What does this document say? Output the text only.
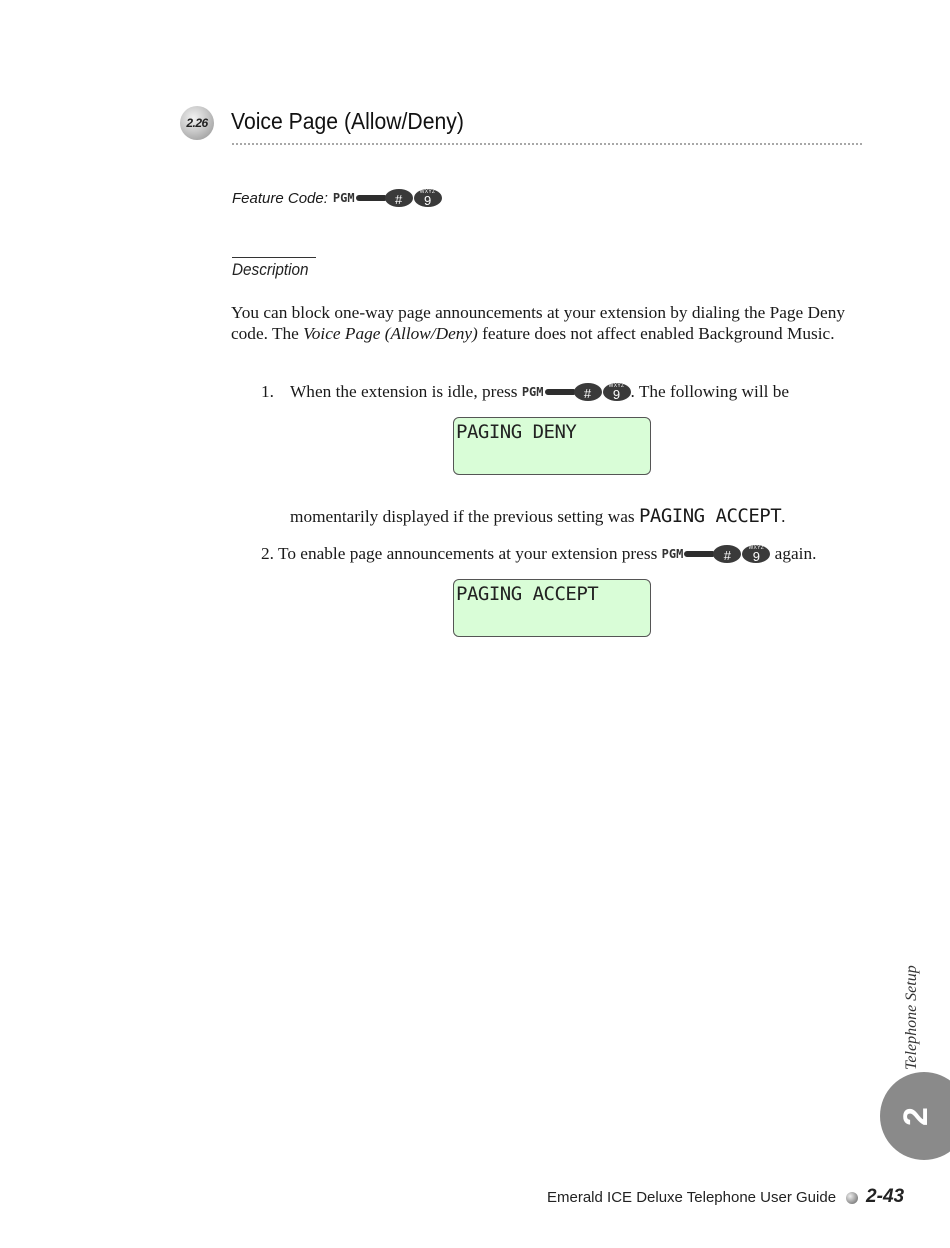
2.26 Voice Page (Allow/Deny)
Feature Code: PGM	#	WXYZ
9
Description
You can block one-way page announcements at your extension by dialing the Page Deny code. The Voice Page (Allow/Deny) feature does not affect enabled Background Music.
1. When the extension is idle, press
PGM	#	WXYZ
9 . The following will be
PAGING DENY
momentarily displayed if the previous setting was PAGING ACCEPT.
2. To enable page announcements at your extension press
PGM	#	WXYZ
9
again.
PAGING ACCEPT
Telephone Setup
2
Emerald ICE Deluxe Telephone User Guide 2-43
